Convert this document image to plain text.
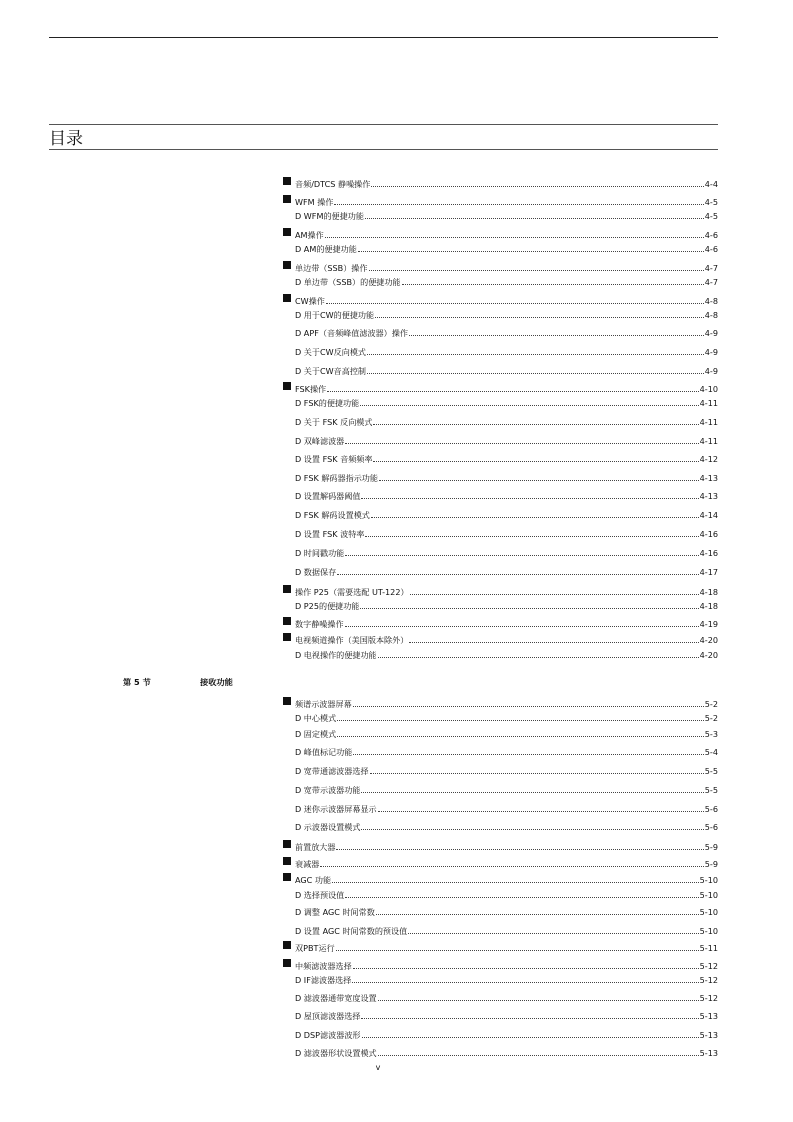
目录
音频/DTCS 静噪操作	4-4
WFM 操作	4-5
D WFM的便捷功能	4-5
AM操作	4-6
D AM的便捷功能	4-6
单边带（SSB）操作	4-7
D 单边带（SSB）的便捷功能	4-7
CW操作	4-8
D 用于CW的便捷功能	4-8
D APF（音频峰值滤波器）操作	4-9
D 关于CW反向模式	4-9
D 关于CW音高控制	4-9
FSK操作	4-10
D FSK的便捷功能	4-11
D 关于 FSK 反向模式	4-11
D 双峰滤波器	4-11
D 设置 FSK 音频频率	4-12
D FSK 解码器指示功能	4-13
D 设置解码器阈值	4-13
D FSK 解码设置模式	4-14
D 设置 FSK 波特率	4-16
D 时间戳功能	4-16
D 数据保存	4-17
操作 P25（需要选配 UT-122）	4-18
D P25的便捷功能	4-18
数字静噪操作	4-19
电视频道操作（美国版本除外）	4-20
D 电视操作的便捷功能	4-20
频谱示波器屏幕	5-2
D 中心模式	5-2
D 固定模式	5-3
D 峰值标记功能	5-4
D 宽带通滤波器选择	5-5
D 宽带示波器功能	5-5
D 迷你示波器屏幕显示	5-6
D 示波器设置模式	5-6
前置放大器	5-9
衰减器	5-9
AGC 功能	5-10
D 选择预设值	5-10
D 调整 AGC 时间常数	5-10
D 设置 AGC 时间常数的预设值	5-10
双PBT运行	5-11
中频滤波器选择	5-12
D IF滤波器选择	5-12
D 滤波器通带宽度设置	5-12
D 屋顶滤波器选择	5-13
D DSP滤波器波形	5-13
D 滤波器形状设置模式	5-13
第 5 节	接收功能
v
